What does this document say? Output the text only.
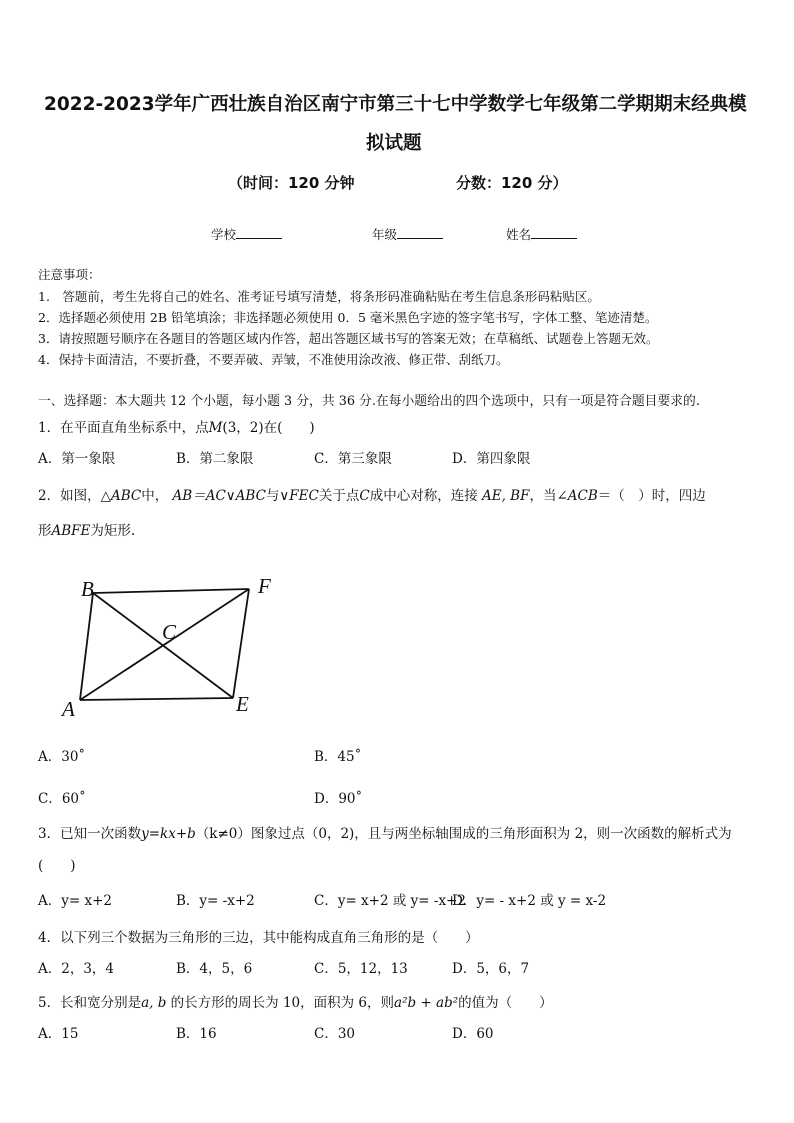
2022-2023学年广西壮族自治区南宁市第三十七中学数学七年级第二学期期末经典模
拟试题
（时间：120 分钟	分数：120 分）
学校	年级	姓名
注意事项：
1.　答题前，考生先将自己的姓名、准考证号填写清楚，将条形码准确粘贴在考生信息条形码粘贴区。
2．选择题必须使用 2B 铅笔填涂；非选择题必须使用 0．5 毫米黑色字迹的签字笔书写，字体工整、笔迹清楚。
3．请按照题号顺序在各题目的答题区域内作答，超出答题区域书写的答案无效；在草稿纸、试题卷上答题无效。
4．保持卡面清洁，不要折叠，不要弄破、弄皱，不准使用涂改液、修正带、刮纸刀。
一、选择题：本大题共 12 个小题，每小题 3 分，共 36 分.在每小题给出的四个选项中，只有一项是符合题目要求的.
1．在平面直角坐标系中，点M(3，2)在(　　)
A．第一象限	B．第二象限	C．第三象限	D．第四象限
2．如图，△ABC中， AB＝AC∨ABC与∨FEC关于点C成中心对称，连接 AE, BF，当∠ACB＝（　）时，四边
形ABFE为矩形.
B	F
C
A	E
A．30˚	B．45˚
C．60˚	D．90˚
3．已知一次函数y=kx+b（k≠0）图象过点（0，2)，且与两坐标轴围成的三角形面积为 2，则一次函数的解析式为
(　　)
A．y= x+2	B．y= -x+2	C．y= x+2 或 y= -x+2
D．y= - x+2 或 y = x-2
4．以下列三个数据为三角形的三边，其中能构成直角三角形的是（　　）
A．2，3，4	B．4，5，6	C．5，12，13	D．5，6，7
5．长和宽分别是a, b 的长方形的周长为 10，面积为 6，则a²b + ab²的值为（　　）
A．15	B．16	C．30	D．60
